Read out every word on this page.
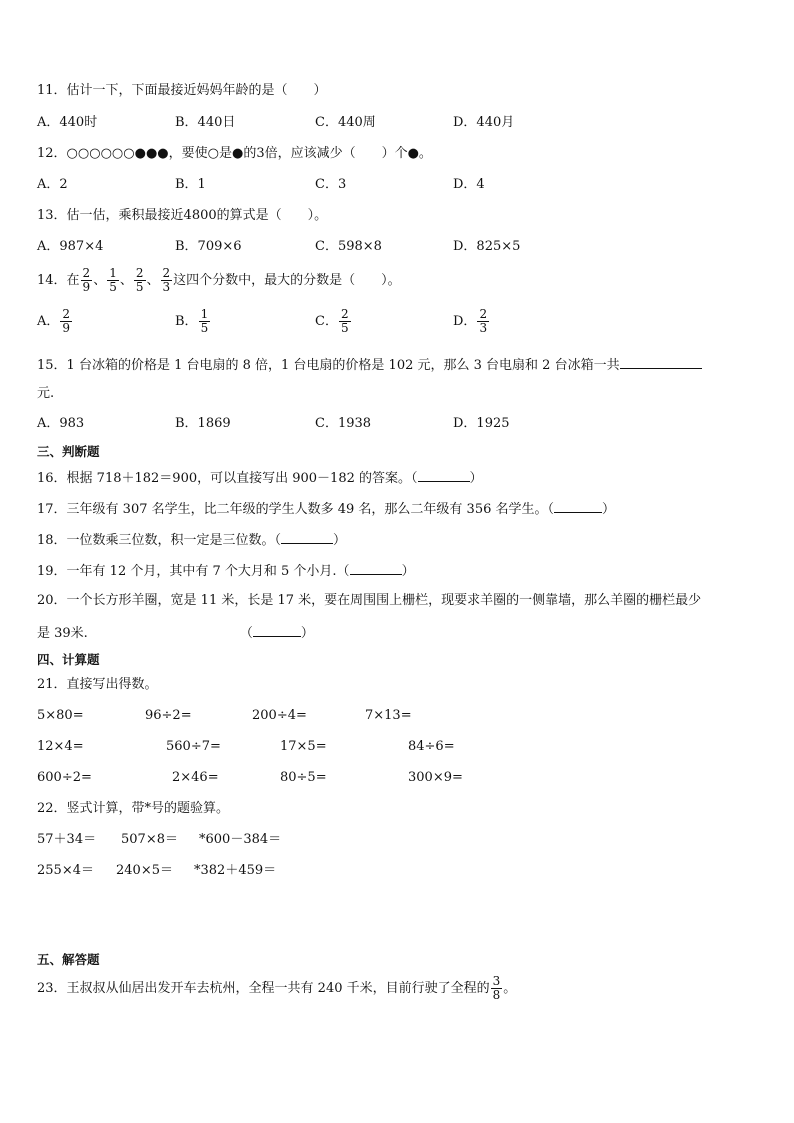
11．估计一下，下面最接近妈妈年龄的是（　　）
A．440时	B．440日	C．440周	D．440月
12．○○○○○○●●●，要使○是●的3倍，应该减少（　　）个●。
A．2	B．1	C．3	D．4
13．估一估，乘积最接近4800的算式是（　　）。
A．987×4	B．709×6	C．598×8	D．825×5
14．在 $\frac{2}{9}$ 、 $\frac{1}{5}$ 、 $\frac{2}{5}$ 、 $\frac{2}{3}$ 这四个分数中，最大的分数是（　　）。
A． $\frac{2}{9}$	B． $\frac{1}{5}$	C． $\frac{2}{5}$	D． $\frac{2}{3}$
15．1 台冰箱的价格是 1 台电扇的 8 倍，1 台电扇的价格是 102 元，那么 3 台电扇和 2 台冰箱一共
元.
A．983	B．1869	C．1938	D．1925
三、判断题
16．根据 718＋182＝900，可以直接写出 900－182 的答案。（	）
17．三年级有 307 名学生，比二年级的学生人数多 49 名，那么二年级有 356 名学生。（	）
18．一位数乘三位数，积一定是三位数。（	）
19．一年有 12 个月，其中有 7 个大月和 5 个小月.（	）
20．一个长方形羊圈，宽是 11 米，长是 17 米，要在周围围上栅栏，现要求羊圈的一侧靠墙，那么羊圈的栅栏最少
是 39米.	（	）
四、计算题
21．直接写出得数。
5×80=	96÷2=	200÷4=	7×13=
12×4=	560÷7=	17×5=	84÷6=
600÷2=	2×46=	80÷5=	300×9=
22．竖式计算，带*号的题验算。
57＋34＝ 507×8＝ *600－384＝
255×4＝ 240×5＝ *382＋459＝
五、解答题
23．王叔叔从仙居出发开车去杭州，全程一共有 240 千米，目前行驶了全程的 $\frac{3}{8}$ 。
